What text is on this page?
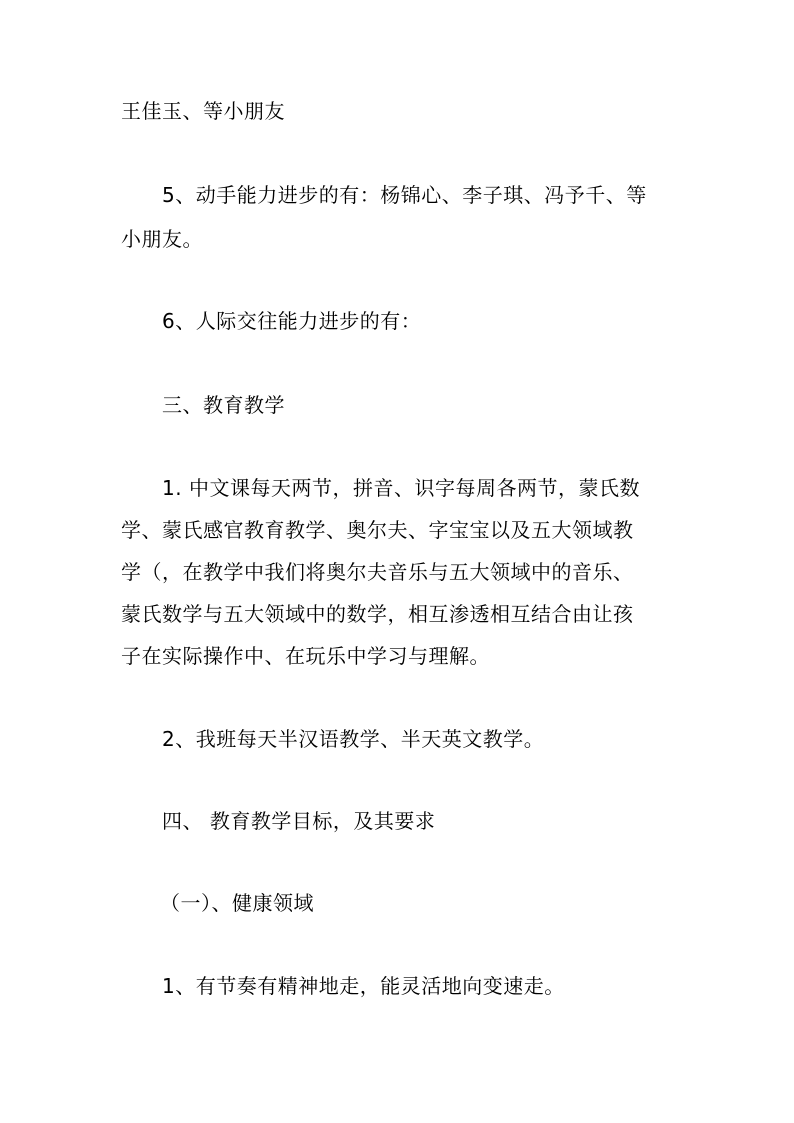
王佳玉、等小朋友
5、动手能力进步的有：杨锦心、李子琪、冯予千、等
小朋友。
6、人际交往能力进步的有：
三、教育教学
1. 中文课每天两节，拼音、识字每周各两节，蒙氏数
学、蒙氏感官教育教学、奥尔夫、字宝宝以及五大领域教
学（，在教学中我们将奥尔夫音乐与五大领域中的音乐、
蒙氏数学与五大领域中的数学，相互渗透相互结合由让孩
子在实际操作中、在玩乐中学习与理解。
2、我班每天半汉语教学、半天英文教学。
四、 教育教学目标，及其要求
（一）、健康领域
1、有节奏有精神地走，能灵活地向变速走。
